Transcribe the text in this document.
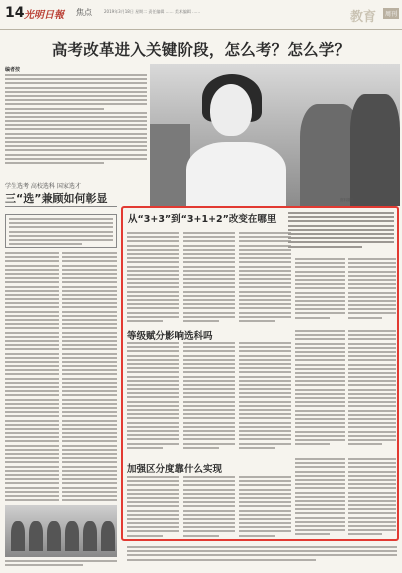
14 光明日報 焦点	2019年3月18日 星期二 责任编辑 …… 美术编辑 ……	教育	周刊
高考改革进入关键阶段，怎么考？怎么学？
编者按
资料图片
学生选考 高校选科 国家选才
三“选”兼顾如何彰显
从“3+3”到“3+1+2”改变在哪里
等级赋分影响选科吗
加强区分度靠什么实现
